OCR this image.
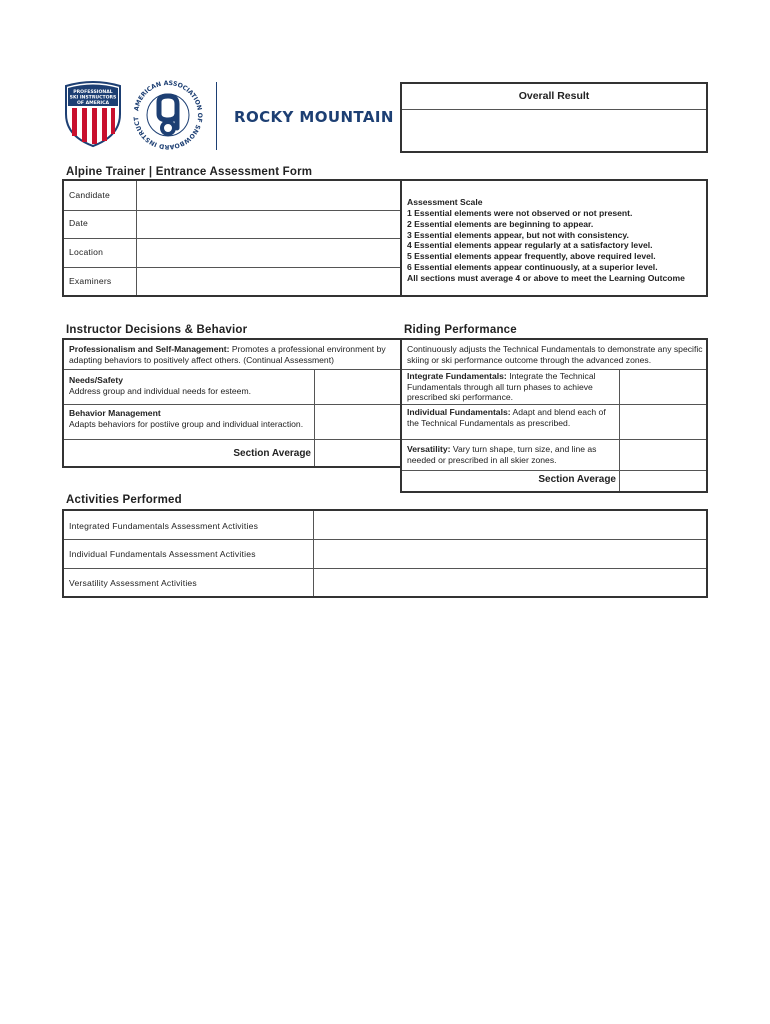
PROFESSIONAL
SKI INSTRUCTORS
OF AMERICA
AMERICAN ASSOCIATION OF SNOWBOARD INSTRUCT	ROCKY MOUNTAIN
Overall Result
Alpine Trainer | Entrance Assessment Form
Candidate
Date
Location
Examiners
Assessment Scale
1 Essential elements were not observed or not present.
2 Essential elements are beginning to appear.
3 Essential elements appear, but not with consistency.
4 Essential elements appear regularly at a satisfactory level.
5 Essential elements appear frequently, above required level.
6 Essential elements appear continuously, at a superior level.
All sections must average 4 or above to meet the Learning Outcome
Instructor Decisions & Behavior	Riding Performance
Professionalism and Self-Management: Promotes a professional environment by adapting behaviors to positively affect others. (Continual Assessment)
Needs/Safety
Address group and individual needs for esteem.
Behavior Management
Adapts behaviors for postiive group and individual interaction.
Section Average
Continuously adjusts the Technical Fundamentals to demonstrate any specific skiing or ski performance outcome through the advanced zones.
Integrate Fundamentals: Integrate the Technical Fundamentals through all turn phases to achieve prescribed ski performance.
Individual Fundamentals: Adapt and blend each of the Technical Fundamentals as prescribed.
Versatility: Vary turn shape, turn size, and line as needed or prescribed in all skier zones.
Section Average
Activities Performed
Integrated Fundamentals Assessment Activities
Individual Fundamentals Assessment Activities
Versatility Assessment Activities
